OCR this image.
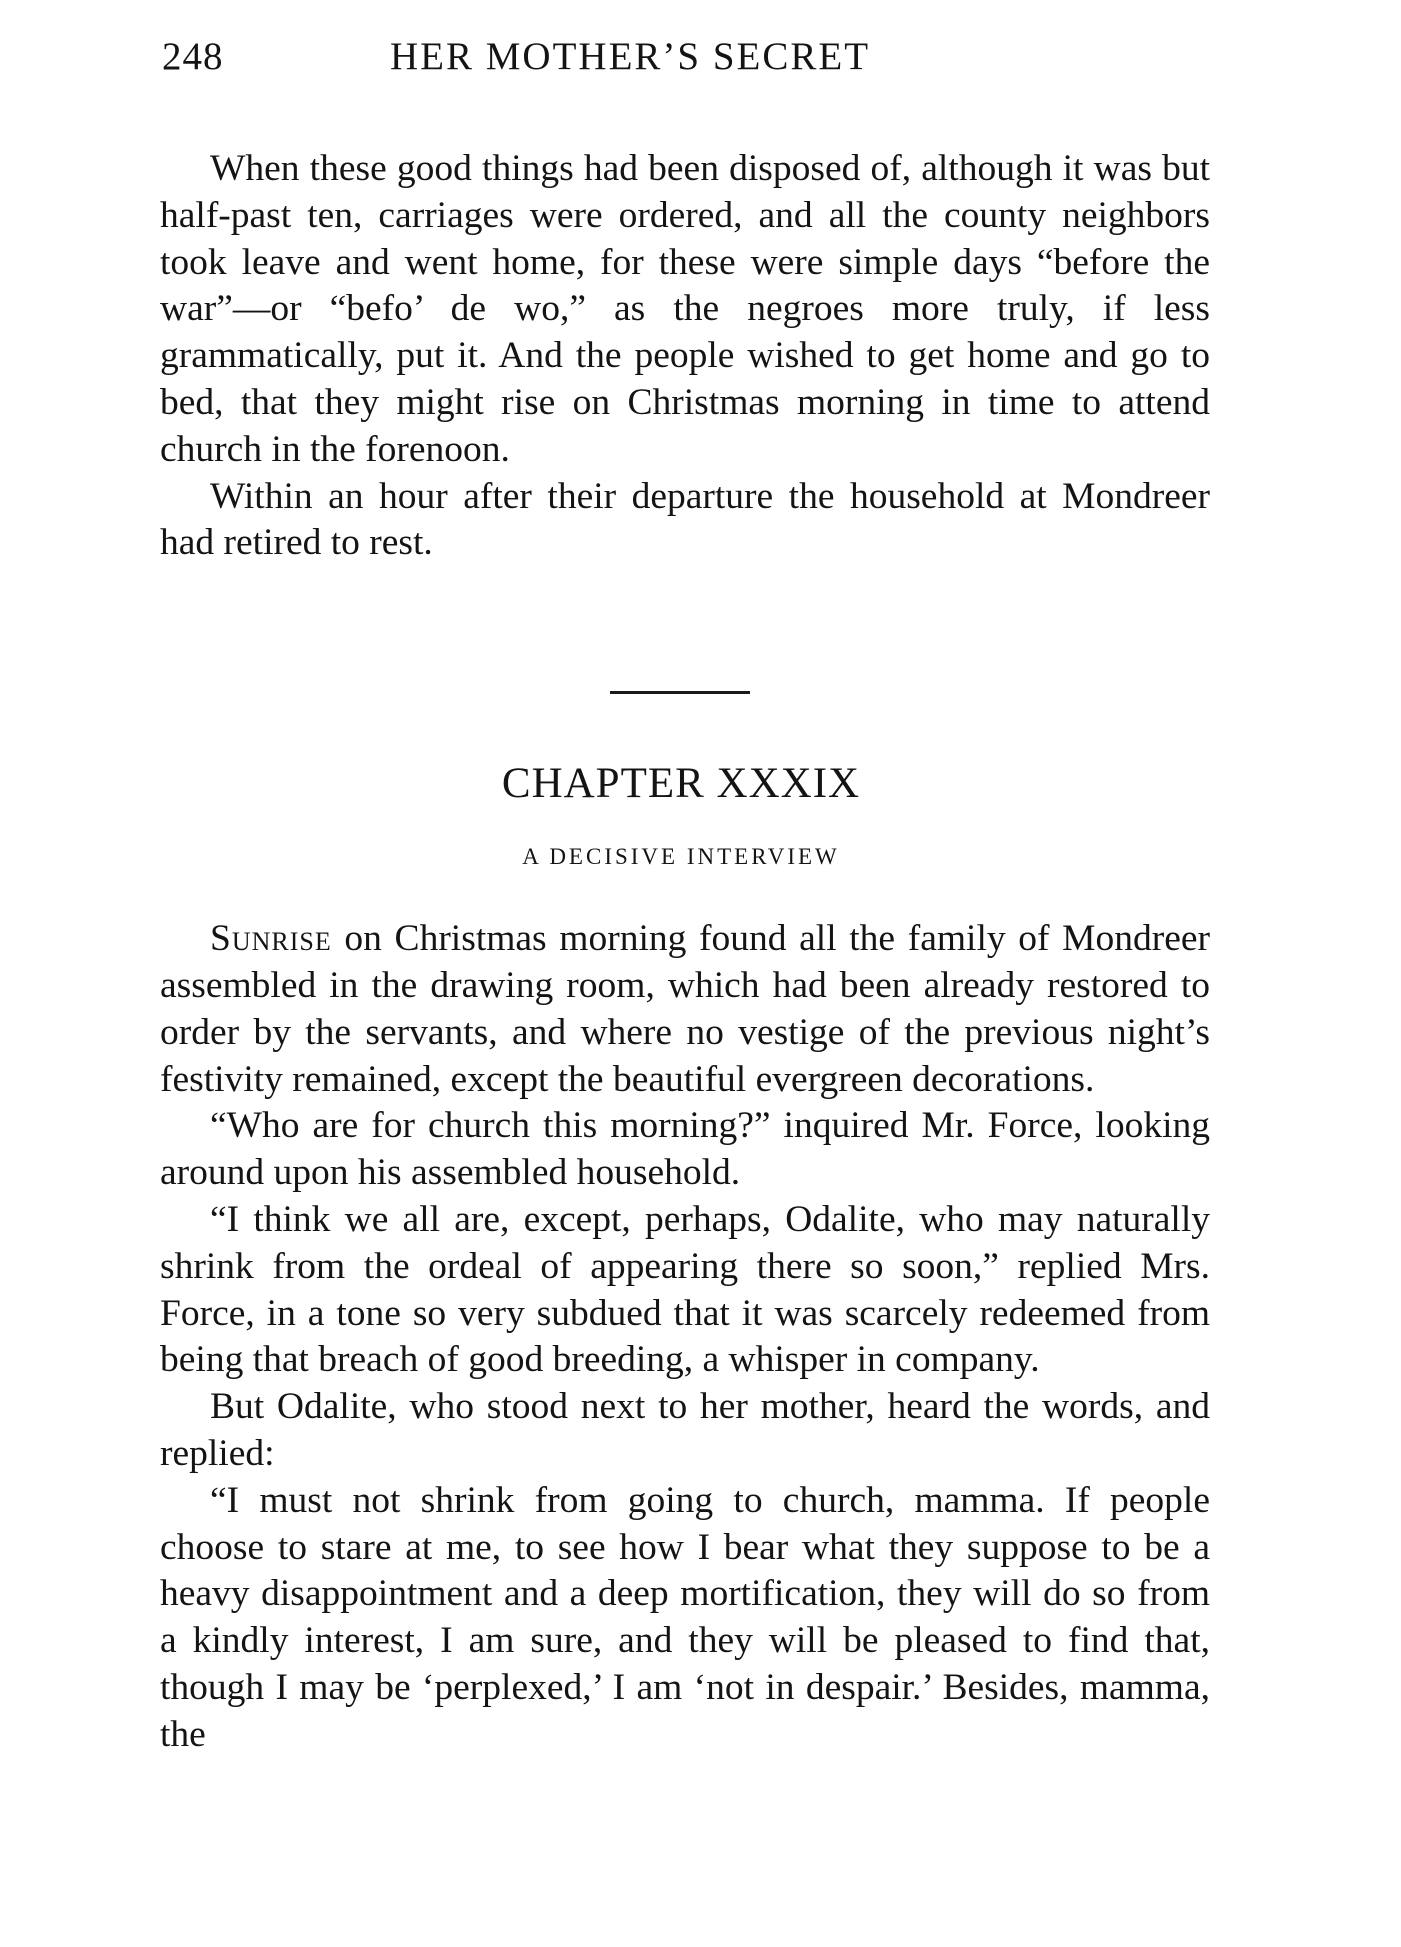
248	HER MOTHER’S SECRET

When these good things had been disposed of, although it was but half-past ten, carriages were ordered, and all the county neighbors took leave and went home, for these were simple days “before the war”—or “befo’ de wo,” as the negroes more truly, if less grammatically, put it. And the people wished to get home and go to bed, that they might rise on Christmas morning in time to attend church in the forenoon.

Within an hour after their departure the household at Mondreer had retired to rest.

CHAPTER XXXIX
A DECISIVE INTERVIEW

Sunrise on Christmas morning found all the family of Mondreer assembled in the drawing room, which had been already restored to order by the servants, and where no vestige of the previous night’s festivity remained, except the beautiful evergreen decorations.

“Who are for church this morning?” inquired Mr. Force, looking around upon his assembled household.

“I think we all are, except, perhaps, Odalite, who may naturally shrink from the ordeal of appearing there so soon,” replied Mrs. Force, in a tone so very subdued that it was scarcely redeemed from being that breach of good breeding, a whisper in company.

But Odalite, who stood next to her mother, heard the words, and replied:

“I must not shrink from going to church, mamma. If people choose to stare at me, to see how I bear what they suppose to be a heavy disappointment and a deep mortification, they will do so from a kindly interest, I am sure, and they will be pleased to find that, though I may be ‘perplexed,’ I am ‘not in despair.’ Besides, mamma, the
